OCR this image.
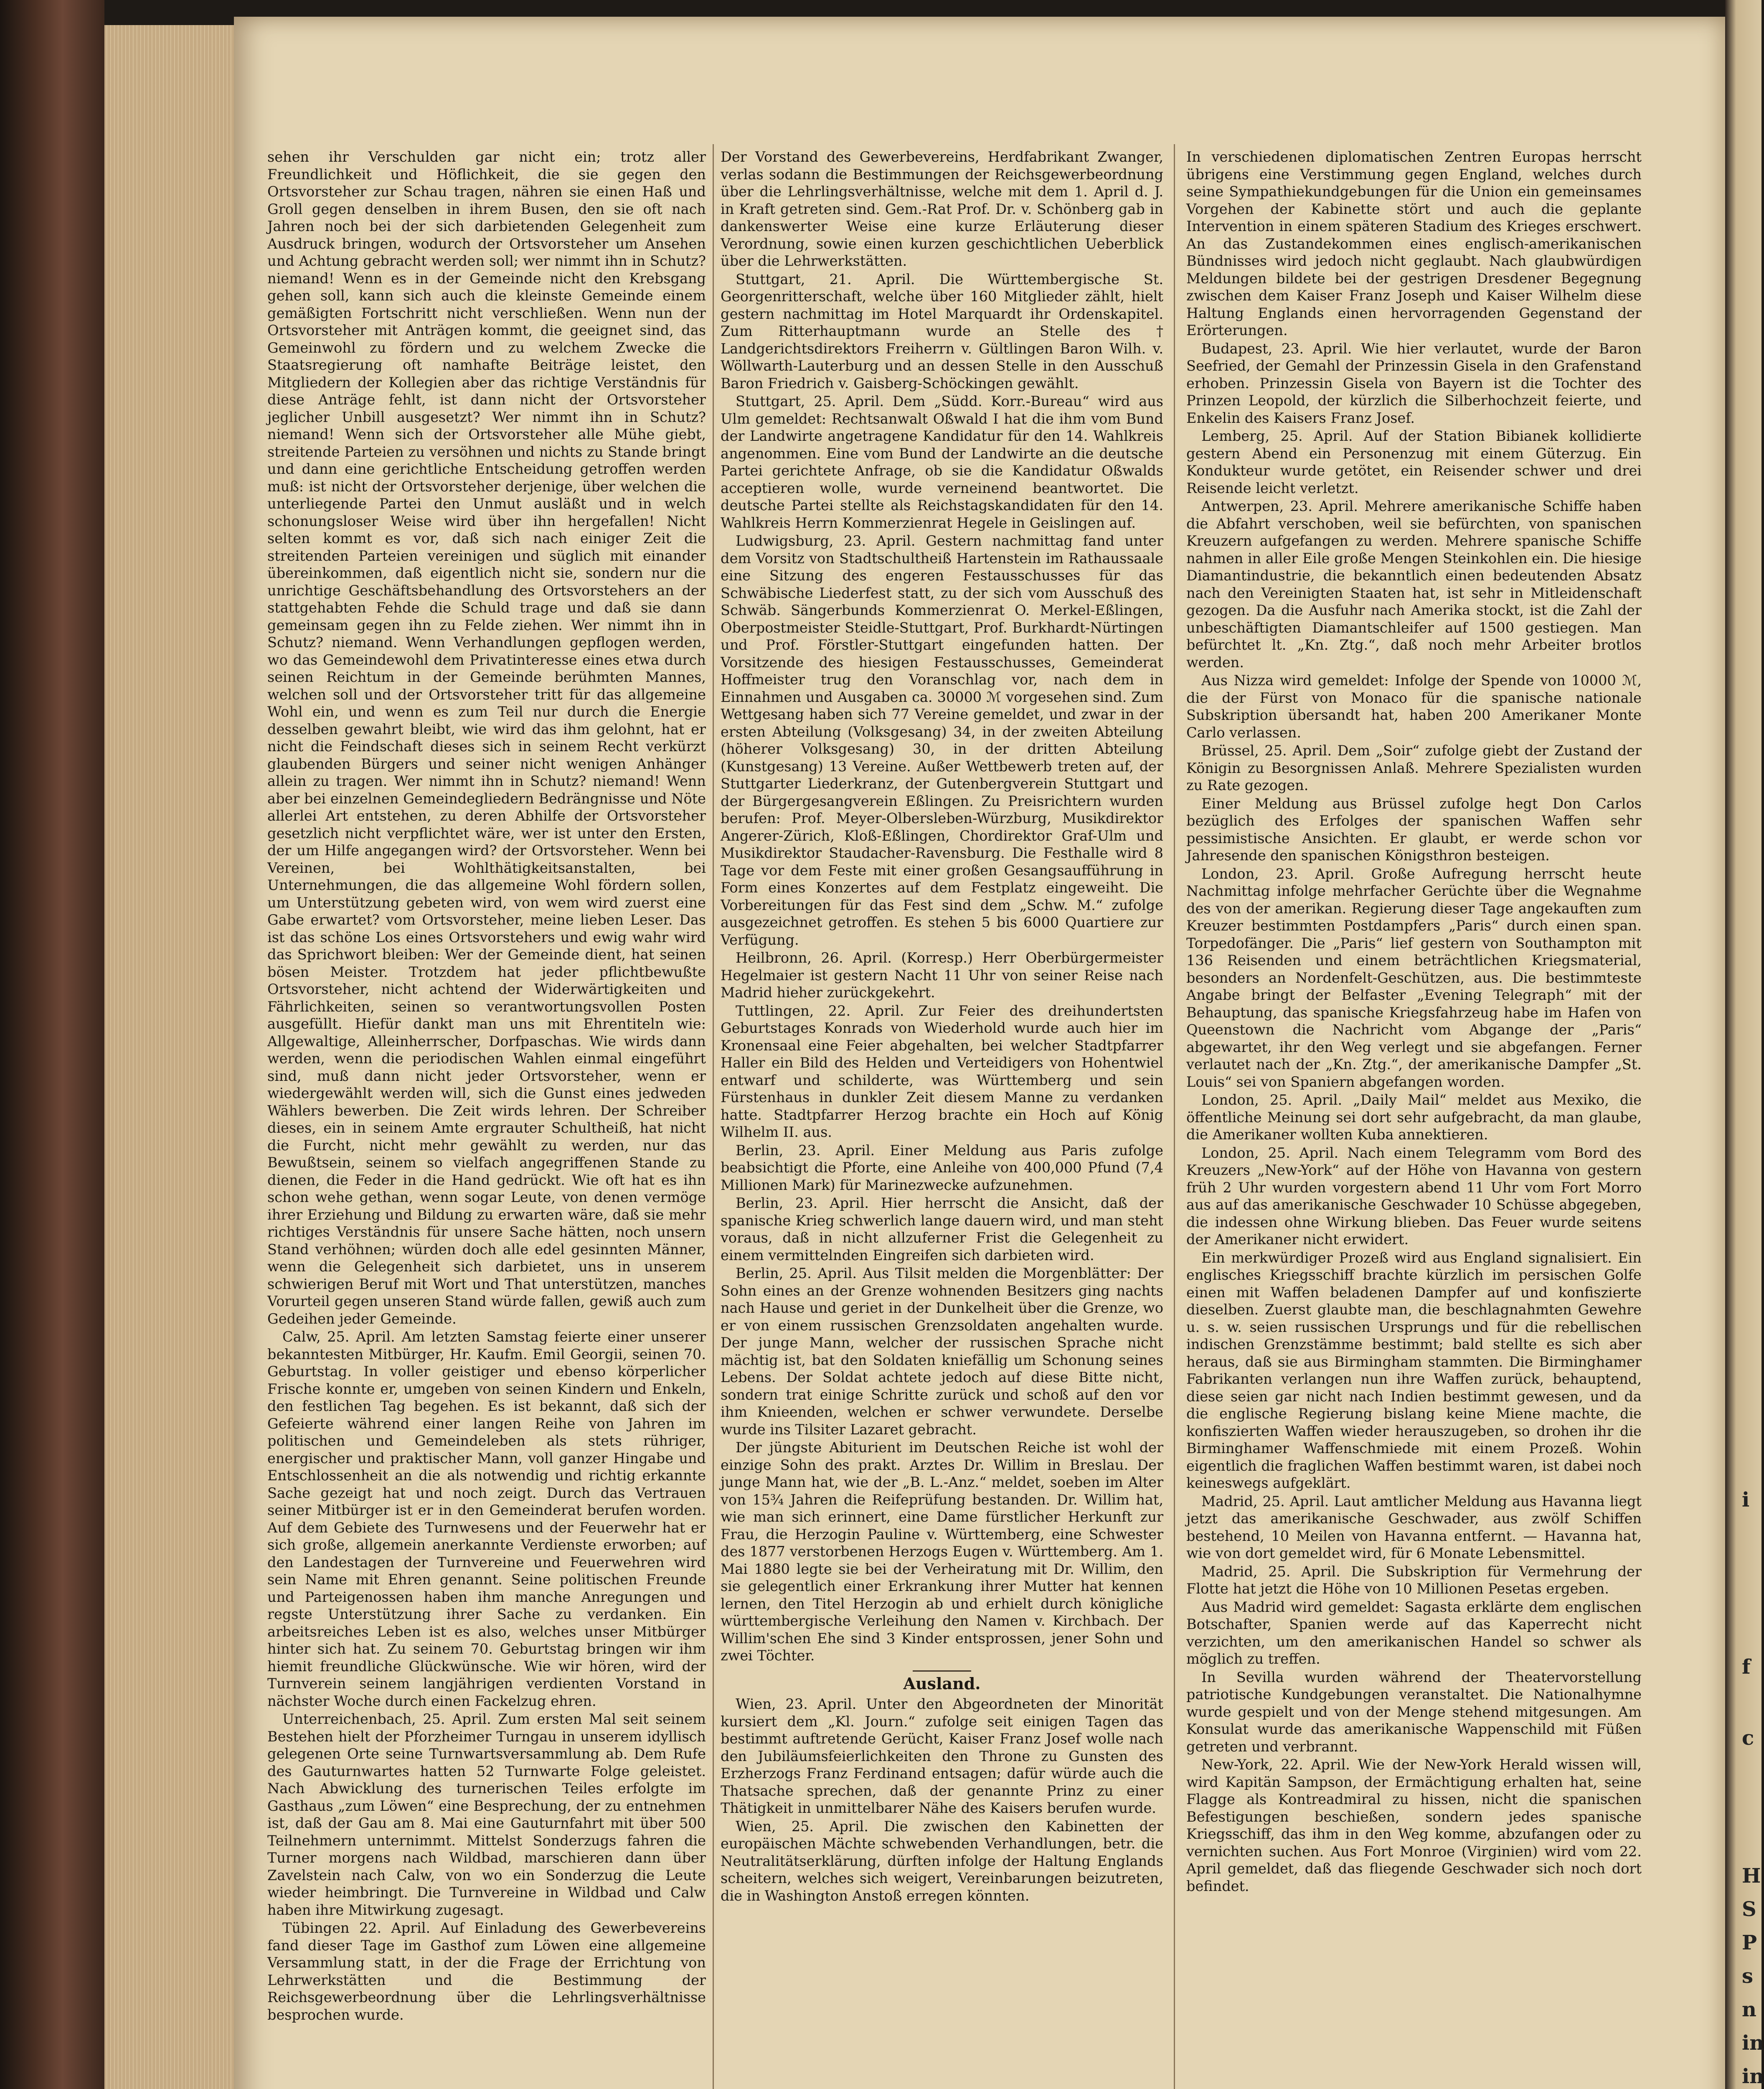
i
f
c
H
S
P
s
n
in
in

sehen ihr Verschulden gar nicht ein; trotz aller Freundlichkeit und Höflichkeit, die sie gegen den Ortsvorsteher zur Schau tragen, nähren sie einen Haß und Groll gegen denselben in ihrem Busen, den sie oft nach Jahren noch bei der sich darbietenden Gelegenheit zum Ausdruck bringen, wodurch der Ortsvorsteher um Ansehen und Achtung gebracht werden soll; wer nimmt ihn in Schutz? niemand! Wenn es in der Gemeinde nicht den Krebsgang gehen soll, kann sich auch die kleinste Gemeinde einem gemäßigten Fortschritt nicht verschließen. Wenn nun der Ortsvorsteher mit Anträgen kommt, die geeignet sind, das Gemeinwohl zu fördern und zu welchem Zwecke die Staatsregierung oft namhafte Beiträge leistet, den Mitgliedern der Kollegien aber das richtige Verständnis für diese Anträge fehlt, ist dann nicht der Ortsvorsteher jeglicher Unbill ausgesetzt? Wer nimmt ihn in Schutz? niemand! Wenn sich der Ortsvorsteher alle Mühe giebt, streitende Parteien zu versöhnen und nichts zu Stande bringt und dann eine gerichtliche Entscheidung getroffen werden muß: ist nicht der Ortsvorsteher derjenige, über welchen die unterliegende Partei den Unmut ausläßt und in welch schonungsloser Weise wird über ihn hergefallen! Nicht selten kommt es vor, daß sich nach einiger Zeit die streitenden Parteien vereinigen und süglich mit einander übereinkommen, daß eigentlich nicht sie, sondern nur die unrichtige Geschäftsbehandlung des Ortsvorstehers an der stattgehabten Fehde die Schuld trage und daß sie dann gemeinsam gegen ihn zu Felde ziehen. Wer nimmt ihn in Schutz? niemand. Wenn Verhandlungen gepflogen werden, wo das Gemeindewohl dem Privatinteresse eines etwa durch seinen Reichtum in der Gemeinde berühmten Mannes, welchen soll und der Ortsvorsteher tritt für das allgemeine Wohl ein, und wenn es zum Teil nur durch die Energie desselben gewahrt bleibt, wie wird das ihm gelohnt, hat er nicht die Feindschaft dieses sich in seinem Recht verkürzt glaubenden Bürgers und seiner nicht wenigen Anhänger allein zu tragen. Wer nimmt ihn in Schutz? niemand! Wenn aber bei einzelnen Gemeindegliedern Bedrängnisse und Nöte allerlei Art entstehen, zu deren Abhilfe der Ortsvorsteher gesetzlich nicht verpflichtet wäre, wer ist unter den Ersten, der um Hilfe angegangen wird? der Ortsvorsteher. Wenn bei Vereinen, bei Wohlthätigkeitsanstalten, bei Unternehmungen, die das allgemeine Wohl fördern sollen, um Unterstützung gebeten wird, von wem wird zuerst eine Gabe erwartet? vom Ortsvorsteher, meine lieben Leser. Das ist das schöne Los eines Ortsvorstehers und ewig wahr wird das Sprichwort bleiben: Wer der Gemeinde dient, hat seinen bösen Meister. Trotzdem hat jeder pflichtbewußte Ortsvorsteher, nicht achtend der Widerwärtigkeiten und Fährlichkeiten, seinen so verantwortungsvollen Posten ausgefüllt. Hiefür dankt man uns mit Ehrentiteln wie: Allgewaltige, Alleinherrscher, Dorfpaschas. Wie wirds dann werden, wenn die periodischen Wahlen einmal eingeführt sind, muß dann nicht jeder Ortsvorsteher, wenn er wiedergewählt werden will, sich die Gunst eines jedweden Wählers bewerben. Die Zeit wirds lehren. Der Schreiber dieses, ein in seinem Amte ergrauter Schultheiß, hat nicht die Furcht, nicht mehr gewählt zu werden, nur das Bewußtsein, seinem so vielfach angegriffenen Stande zu dienen, die Feder in die Hand gedrückt. Wie oft hat es ihn schon wehe gethan, wenn sogar Leute, von denen vermöge ihrer Erziehung und Bildung zu erwarten wäre, daß sie mehr richtiges Verständnis für unsere Sache hätten, noch unsern Stand verhöhnen; würden doch alle edel gesinnten Männer, wenn die Gelegenheit sich darbietet, uns in unserem schwierigen Beruf mit Wort und That unterstützen, manches Vorurteil gegen unseren Stand würde fallen, gewiß auch zum Gedeihen jeder Gemeinde.

Calw, 25. April. Am letzten Samstag feierte einer unserer bekanntesten Mitbürger, Hr. Kaufm. Emil Georgii, seinen 70. Geburtstag. In voller geistiger und ebenso körperlicher Frische konnte er, umgeben von seinen Kindern und Enkeln, den festlichen Tag begehen. Es ist bekannt, daß sich der Gefeierte während einer langen Reihe von Jahren im politischen und Gemeindeleben als stets rühriger, energischer und praktischer Mann, voll ganzer Hingabe und Entschlossenheit an die als notwendig und richtig erkannte Sache gezeigt hat und noch zeigt. Durch das Vertrauen seiner Mitbürger ist er in den Gemeinderat berufen worden. Auf dem Gebiete des Turnwesens und der Feuerwehr hat er sich große, allgemein anerkannte Verdienste erworben; auf den Landestagen der Turnvereine und Feuerwehren wird sein Name mit Ehren genannt. Seine politischen Freunde und Parteigenossen haben ihm manche Anregungen und regste Unterstützung ihrer Sache zu verdanken. Ein arbeitsreiches Leben ist es also, welches unser Mitbürger hinter sich hat. Zu seinem 70. Geburtstag bringen wir ihm hiemit freundliche Glückwünsche. Wie wir hören, wird der Turnverein seinem langjährigen verdienten Vorstand in nächster Woche durch einen Fackelzug ehren.

Unterreichenbach, 25. April. Zum ersten Mal seit seinem Bestehen hielt der Pforzheimer Turngau in unserem idyllisch gelegenen Orte seine Turnwartsversammlung ab. Dem Rufe des Gauturnwartes hatten 52 Turnwarte Folge geleistet. Nach Abwicklung des turnerischen Teiles erfolgte im Gasthaus „zum Löwen“ eine Besprechung, der zu entnehmen ist, daß der Gau am 8. Mai eine Gauturnfahrt mit über 500 Teilnehmern unternimmt. Mittelst Sonderzugs fahren die Turner morgens nach Wildbad, marschieren dann über Zavelstein nach Calw, von wo ein Sonderzug die Leute wieder heimbringt. Die Turnvereine in Wildbad und Calw haben ihre Mitwirkung zugesagt.

Tübingen 22. April. Auf Einladung des Gewerbevereins fand dieser Tage im Gasthof zum Löwen eine allgemeine Versammlung statt, in der die Frage der Errichtung von Lehrwerkstätten und die Bestimmung der Reichsgewerbeordnung über die Lehrlingsverhältnisse besprochen wurde.

Der Vorstand des Gewerbevereins, Herdfabrikant Zwanger, verlas sodann die Bestimmungen der Reichsgewerbeordnung über die Lehrlingsverhältnisse, welche mit dem 1. April d. J. in Kraft getreten sind. Gem.-Rat Prof. Dr. v. Schönberg gab in dankenswerter Weise eine kurze Erläuterung dieser Verordnung, sowie einen kurzen geschichtlichen Ueberblick über die Lehrwerkstätten.

Stuttgart, 21. April. Die Württembergische St. Georgenritterschaft, welche über 160 Mitglieder zählt, hielt gestern nachmittag im Hotel Marquardt ihr Ordenskapitel. Zum Ritterhauptmann wurde an Stelle des † Landgerichtsdirektors Freiherrn v. Gültlingen Baron Wilh. v. Wöllwarth-Lauterburg und an dessen Stelle in den Ausschuß Baron Friedrich v. Gaisberg-Schöckingen gewählt.

Stuttgart, 25. April. Dem „Südd. Korr.-Bureau“ wird aus Ulm gemeldet: Rechtsanwalt Oßwald I hat die ihm vom Bund der Landwirte angetragene Kandidatur für den 14. Wahlkreis angenommen. Eine vom Bund der Landwirte an die deutsche Partei gerichtete Anfrage, ob sie die Kandidatur Oßwalds acceptieren wolle, wurde verneinend beantwortet. Die deutsche Partei stellte als Reichstagskandidaten für den 14. Wahlkreis Herrn Kommerzienrat Hegele in Geislingen auf.

Ludwigsburg, 23. April. Gestern nachmittag fand unter dem Vorsitz von Stadtschultheiß Hartenstein im Rathaussaale eine Sitzung des engeren Festausschusses für das Schwäbische Liederfest statt, zu der sich vom Ausschuß des Schwäb. Sängerbunds Kommerzienrat O. Merkel-Eßlingen, Oberpostmeister Steidle-Stuttgart, Prof. Burkhardt-Nürtingen und Prof. Förstler-Stuttgart eingefunden hatten. Der Vorsitzende des hiesigen Festausschusses, Gemeinderat Hoffmeister trug den Voranschlag vor, nach dem in Einnahmen und Ausgaben ca. 30000 ℳ vorgesehen sind. Zum Wettgesang haben sich 77 Vereine gemeldet, und zwar in der ersten Abteilung (Volksgesang) 34, in der zweiten Abteilung (höherer Volksgesang) 30, in der dritten Abteilung (Kunstgesang) 13 Vereine. Außer Wettbewerb treten auf, der Stuttgarter Liederkranz, der Gutenbergverein Stuttgart und der Bürgergesangverein Eßlingen. Zu Preisrichtern wurden berufen: Prof. Meyer-Olbersleben-Würzburg, Musikdirektor Angerer-Zürich, Kloß-Eßlingen, Chordirektor Graf-Ulm und Musikdirektor Staudacher-Ravensburg. Die Festhalle wird 8 Tage vor dem Feste mit einer großen Gesangsaufführung in Form eines Konzertes auf dem Festplatz eingeweiht. Die Vorbereitungen für das Fest sind dem „Schw. M.“ zufolge ausgezeichnet getroffen. Es stehen 5 bis 6000 Quartiere zur Verfügung.

Heilbronn, 26. April. (Korresp.) Herr Oberbürgermeister Hegelmaier ist gestern Nacht 11 Uhr von seiner Reise nach Madrid hieher zurückgekehrt.

Tuttlingen, 22. April. Zur Feier des dreihundertsten Geburtstages Konrads von Wiederhold wurde auch hier im Kronensaal eine Feier abgehalten, bei welcher Stadtpfarrer Haller ein Bild des Helden und Verteidigers von Hohentwiel entwarf und schilderte, was Württemberg und sein Fürstenhaus in dunkler Zeit diesem Manne zu verdanken hatte. Stadtpfarrer Herzog brachte ein Hoch auf König Wilhelm II. aus.

Berlin, 23. April. Einer Meldung aus Paris zufolge beabsichtigt die Pforte, eine Anleihe von 400,000 Pfund (7,4 Millionen Mark) für Marinezwecke aufzunehmen.

Berlin, 23. April. Hier herrscht die Ansicht, daß der spanische Krieg schwerlich lange dauern wird, und man steht voraus, daß in nicht allzuferner Frist die Gelegenheit zu einem vermittelnden Eingreifen sich darbieten wird.

Berlin, 25. April. Aus Tilsit melden die Morgenblätter: Der Sohn eines an der Grenze wohnenden Besitzers ging nachts nach Hause und geriet in der Dunkelheit über die Grenze, wo er von einem russischen Grenzsoldaten angehalten wurde. Der junge Mann, welcher der russischen Sprache nicht mächtig ist, bat den Soldaten kniefällig um Schonung seines Lebens. Der Soldat achtete jedoch auf diese Bitte nicht, sondern trat einige Schritte zurück und schoß auf den vor ihm Knieenden, welchen er schwer verwundete. Derselbe wurde ins Tilsiter Lazaret gebracht.

Der jüngste Abiturient im Deutschen Reiche ist wohl der einzige Sohn des prakt. Arztes Dr. Willim in Breslau. Der junge Mann hat, wie der „B. L.-Anz.“ meldet, soeben im Alter von 15¾ Jahren die Reifeprüfung bestanden. Dr. Willim hat, wie man sich erinnert, eine Dame fürstlicher Herkunft zur Frau, die Herzogin Pauline v. Württemberg, eine Schwester des 1877 verstorbenen Herzogs Eugen v. Württemberg. Am 1. Mai 1880 legte sie bei der Verheiratung mit Dr. Willim, den sie gelegentlich einer Erkrankung ihrer Mutter hat kennen lernen, den Titel Herzogin ab und erhielt durch königliche württembergische Verleihung den Namen v. Kirchbach. Der Willim'schen Ehe sind 3 Kinder entsprossen, jener Sohn und zwei Töchter.

Ausland.

Wien, 23. April. Unter den Abgeordneten der Minorität kursiert dem „Kl. Journ.“ zufolge seit einigen Tagen das bestimmt auftretende Gerücht, Kaiser Franz Josef wolle nach den Jubiläumsfeierlichkeiten den Throne zu Gunsten des Erzherzogs Franz Ferdinand entsagen; dafür würde auch die Thatsache sprechen, daß der genannte Prinz zu einer Thätigkeit in unmittelbarer Nähe des Kaisers berufen wurde.

Wien, 25. April. Die zwischen den Kabinetten der europäischen Mächte schwebenden Verhandlungen, betr. die Neutralitätserklärung, dürften infolge der Haltung Englands scheitern, welches sich weigert, Vereinbarungen beizutreten, die in Washington Anstoß erregen könnten.

In verschiedenen diplomatischen Zentren Europas herrscht übrigens eine Verstimmung gegen England, welches durch seine Sympathiekundgebungen für die Union ein gemeinsames Vorgehen der Kabinette stört und auch die geplante Intervention in einem späteren Stadium des Krieges erschwert. An das Zustandekommen eines englisch-amerikanischen Bündnisses wird jedoch nicht geglaubt. Nach glaubwürdigen Meldungen bildete bei der gestrigen Dresdener Begegnung zwischen dem Kaiser Franz Joseph und Kaiser Wilhelm diese Haltung Englands einen hervorragenden Gegenstand der Erörterungen.

Budapest, 23. April. Wie hier verlautet, wurde der Baron Seefried, der Gemahl der Prinzessin Gisela in den Grafenstand erhoben. Prinzessin Gisela von Bayern ist die Tochter des Prinzen Leopold, der kürzlich die Silberhochzeit feierte, und Enkelin des Kaisers Franz Josef.

Lemberg, 25. April. Auf der Station Bibianek kollidierte gestern Abend ein Personenzug mit einem Güterzug. Ein Kondukteur wurde getötet, ein Reisender schwer und drei Reisende leicht verletzt.

Antwerpen, 23. April. Mehrere amerikanische Schiffe haben die Abfahrt verschoben, weil sie befürchten, von spanischen Kreuzern aufgefangen zu werden. Mehrere spanische Schiffe nahmen in aller Eile große Mengen Steinkohlen ein. Die hiesige Diamantindustrie, die bekanntlich einen bedeutenden Absatz nach den Vereinigten Staaten hat, ist sehr in Mitleidenschaft gezogen. Da die Ausfuhr nach Amerika stockt, ist die Zahl der unbeschäftigten Diamantschleifer auf 1500 gestiegen. Man befürchtet lt. „Kn. Ztg.“, daß noch mehr Arbeiter brotlos werden.

Aus Nizza wird gemeldet: Infolge der Spende von 10000 ℳ, die der Fürst von Monaco für die spanische nationale Subskription übersandt hat, haben 200 Amerikaner Monte Carlo verlassen.

Brüssel, 25. April. Dem „Soir“ zufolge giebt der Zustand der Königin zu Besorgnissen Anlaß. Mehrere Spezialisten wurden zu Rate gezogen.

Einer Meldung aus Brüssel zufolge hegt Don Carlos bezüglich des Erfolges der spanischen Waffen sehr pessimistische Ansichten. Er glaubt, er werde schon vor Jahresende den spanischen Königsthron besteigen.

London, 23. April. Große Aufregung herrscht heute Nachmittag infolge mehrfacher Gerüchte über die Wegnahme des von der amerikan. Regierung dieser Tage angekauften zum Kreuzer bestimmten Postdampfers „Paris“ durch einen span. Torpedofänger. Die „Paris“ lief gestern von Southampton mit 136 Reisenden und einem beträchtlichen Kriegsmaterial, besonders an Nordenfelt-Geschützen, aus. Die bestimmteste Angabe bringt der Belfaster „Evening Telegraph“ mit der Behauptung, das spanische Kriegsfahrzeug habe im Hafen von Queenstown die Nachricht vom Abgange der „Paris“ abgewartet, ihr den Weg verlegt und sie abgefangen. Ferner verlautet nach der „Kn. Ztg.“, der amerikanische Dampfer „St. Louis“ sei von Spaniern abgefangen worden.

London, 25. April. „Daily Mail“ meldet aus Mexiko, die öffentliche Meinung sei dort sehr aufgebracht, da man glaube, die Amerikaner wollten Kuba annektieren.

London, 25. April. Nach einem Telegramm vom Bord des Kreuzers „New-York“ auf der Höhe von Havanna von gestern früh 2 Uhr wurden vorgestern abend 11 Uhr vom Fort Morro aus auf das amerikanische Geschwader 10 Schüsse abgegeben, die indessen ohne Wirkung blieben. Das Feuer wurde seitens der Amerikaner nicht erwidert.

Ein merkwürdiger Prozeß wird aus England signalisiert. Ein englisches Kriegsschiff brachte kürzlich im persischen Golfe einen mit Waffen beladenen Dampfer auf und konfiszierte dieselben. Zuerst glaubte man, die beschlagnahmten Gewehre u. s. w. seien russischen Ursprungs und für die rebellischen indischen Grenzstämme bestimmt; bald stellte es sich aber heraus, daß sie aus Birmingham stammten. Die Birminghamer Fabrikanten verlangen nun ihre Waffen zurück, behauptend, diese seien gar nicht nach Indien bestimmt gewesen, und da die englische Regierung bislang keine Miene machte, die konfiszierten Waffen wieder herauszugeben, so drohen ihr die Birminghamer Waffenschmiede mit einem Prozeß. Wohin eigentlich die fraglichen Waffen bestimmt waren, ist dabei noch keineswegs aufgeklärt.

Madrid, 25. April. Laut amtlicher Meldung aus Havanna liegt jetzt das amerikanische Geschwader, aus zwölf Schiffen bestehend, 10 Meilen von Havanna entfernt. — Havanna hat, wie von dort gemeldet wird, für 6 Monate Lebensmittel.

Madrid, 25. April. Die Subskription für Vermehrung der Flotte hat jetzt die Höhe von 10 Millionen Pesetas ergeben.

Aus Madrid wird gemeldet: Sagasta erklärte dem englischen Botschafter, Spanien werde auf das Kaperrecht nicht verzichten, um den amerikanischen Handel so schwer als möglich zu treffen.

In Sevilla wurden während der Theatervorstellung patriotische Kundgebungen veranstaltet. Die Nationalhymne wurde gespielt und von der Menge stehend mitgesungen. Am Konsulat wurde das amerikanische Wappenschild mit Füßen getreten und verbrannt.

New-York, 22. April. Wie der New-York Herald wissen will, wird Kapitän Sampson, der Ermächtigung erhalten hat, seine Flagge als Kontreadmiral zu hissen, nicht die spanischen Befestigungen beschießen, sondern jedes spanische Kriegsschiff, das ihm in den Weg komme, abzufangen oder zu vernichten suchen. Aus Fort Monroe (Virginien) wird vom 22. April gemeldet, daß das fliegende Geschwader sich noch dort befindet.
